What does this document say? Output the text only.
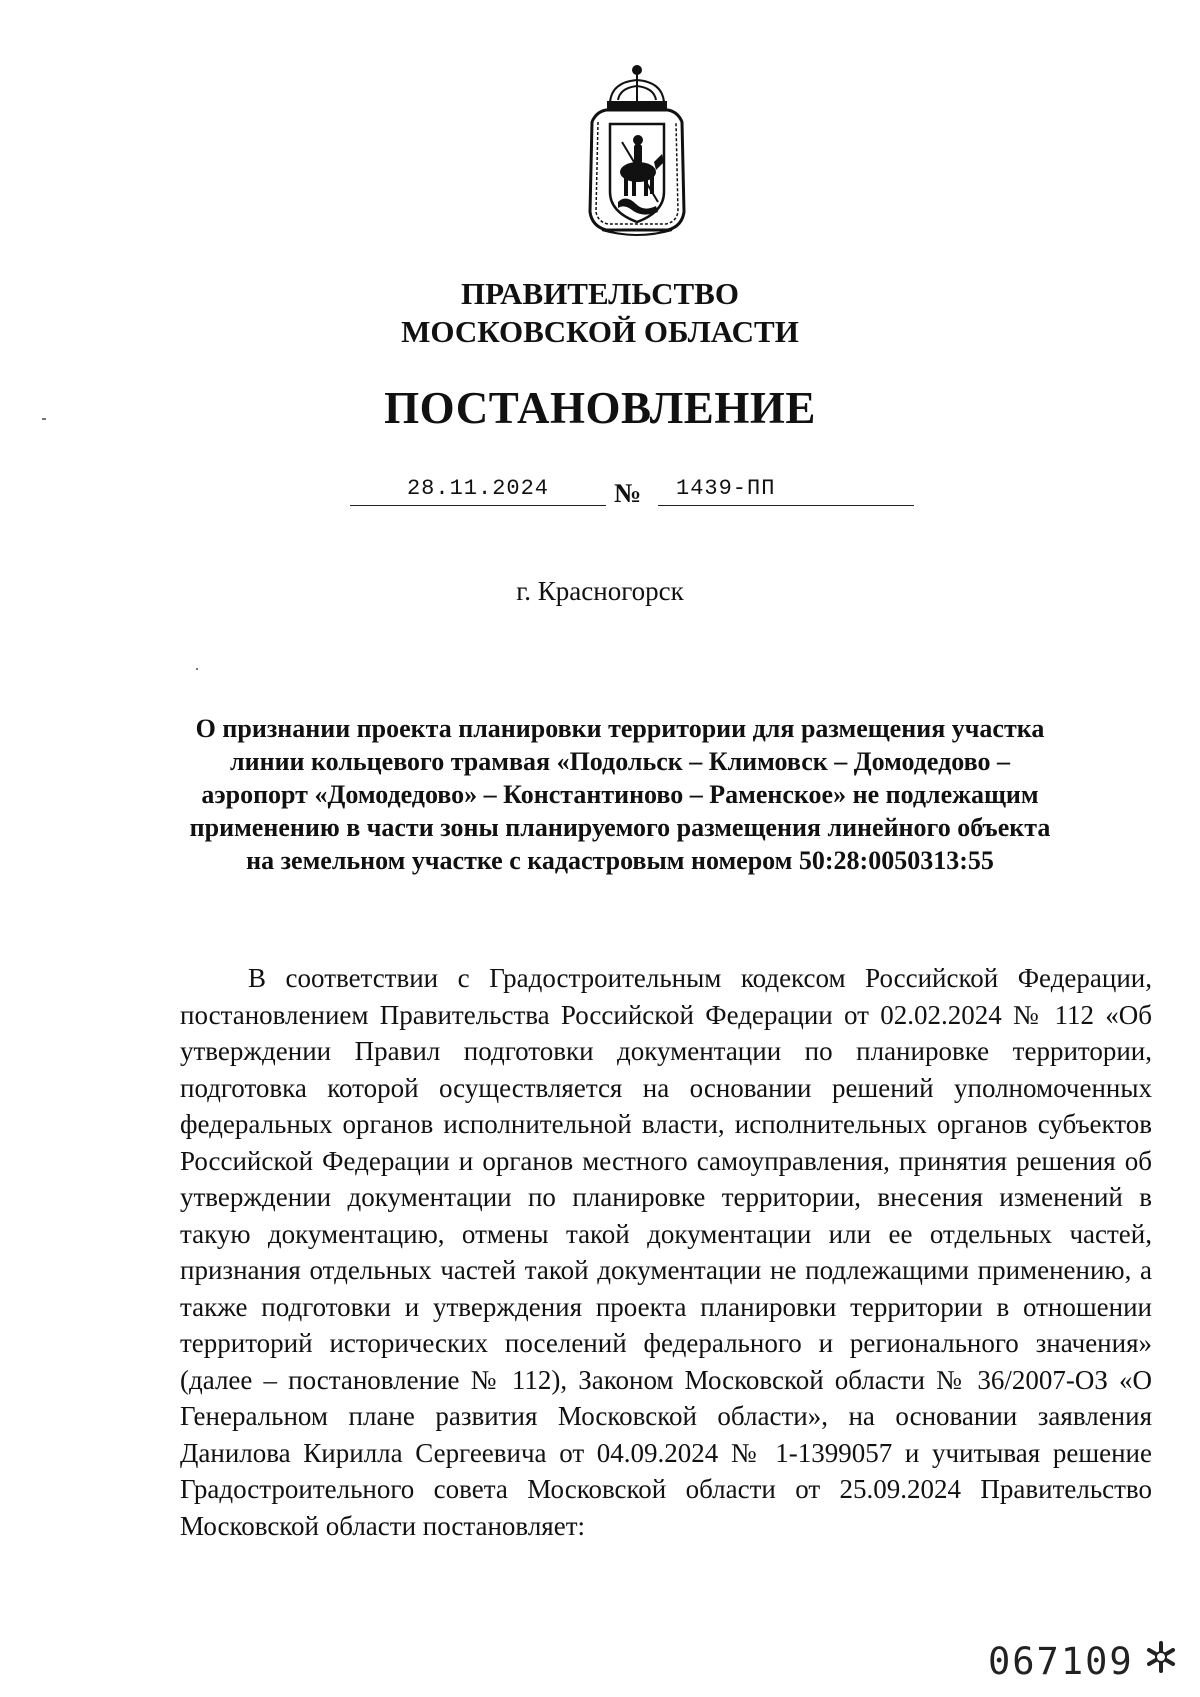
ПРАВИТЕЛЬСТВО
МОСКОВСКОЙ ОБЛАСТИ
ПОСТАНОВЛЕНИЕ
28.11.2024	№ 1439-ПП
г. Красногорск
О признании проекта планировки территории для размещения участка
линии кольцевого трамвая «Подольск – Климовск – Домодедово –
аэропорт «Домодедово» – Константиново – Раменское» не подлежащим
применению в части зоны планируемого размещения линейного объекта
на земельном участке с кадастровым номером 50:28:0050313:55

В соответствии с Градостроительным кодексом Российской Федерации, постановлением Правительства Российской Федерации от 02.02.2024 № 112 «Об утверждении Правил подготовки документации по планировке территории, подготовка которой осуществляется на основании решений уполномоченных федеральных органов исполнительной власти, исполнительных органов субъектов Российской Федерации и органов местного самоуправления, принятия решения об утверждении документации по планировке территории, внесения изменений в такую документацию, отмены такой документации или ее отдельных частей, признания отдельных частей такой документации не подлежащими применению, а также подготовки и утверждения проекта планировки территории в отношении территорий исторических поселений федерального и регионального значения» (далее – постановление № 112), Законом Московской области № 36/2007-ОЗ «О Генеральном плане развития Московской области», на основании заявления Данилова Кирилла Сергеевича от 04.09.2024 № 1-1399057 и учитывая решение Градостроительного совета Московской области от 25.09.2024 Правительство Московской области постановляет:

067109
